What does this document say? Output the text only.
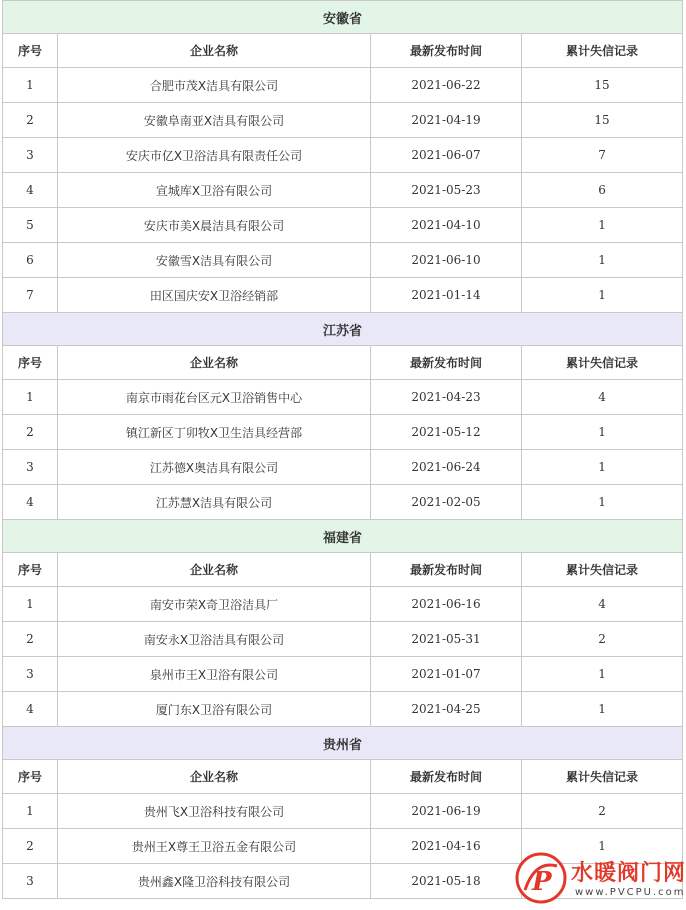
安徽省			
序号	企业名称	最新发布时间	累计失信记录
1	合肥市茂X洁具有限公司	2021-06-22	15
2	安徽阜南亚X洁具有限公司	2021-04-19	15
3	安庆市亿X卫浴洁具有限责任公司	2021-06-07	7
4	宣城库X卫浴有限公司	2021-05-23	6
5	安庆市美X晨洁具有限公司	2021-04-10	1
6	安徽雪X洁具有限公司	2021-06-10	1
7	田区国庆安X卫浴经销部	2021-01-14	1
江苏省			
序号	企业名称	最新发布时间	累计失信记录
1	南京市雨花台区元X卫浴销售中心	2021-04-23	4
2	镇江新区丁卯牧X卫生洁具经营部	2021-05-12	1
3	江苏德X奥洁具有限公司	2021-06-24	1
4	江苏慧X洁具有限公司	2021-02-05	1
福建省			
序号	企业名称	最新发布时间	累计失信记录
1	南安市荣X奇卫浴洁具厂	2021-06-16	4
2	南安永X卫浴洁具有限公司	2021-05-31	2
3	泉州市王X卫浴有限公司	2021-01-07	1
4	厦门东X卫浴有限公司	2021-04-25	1
贵州省			
序号	企业名称	最新发布时间	累计失信记录
1	贵州飞X卫浴科技有限公司	2021-06-19	2
2	贵州王X尊王卫浴五金有限公司	2021-04-16	1
3	贵州鑫X隆卫浴科技有限公司	2021-05-18	P 水暖阀门网
www.PVCPU.com
